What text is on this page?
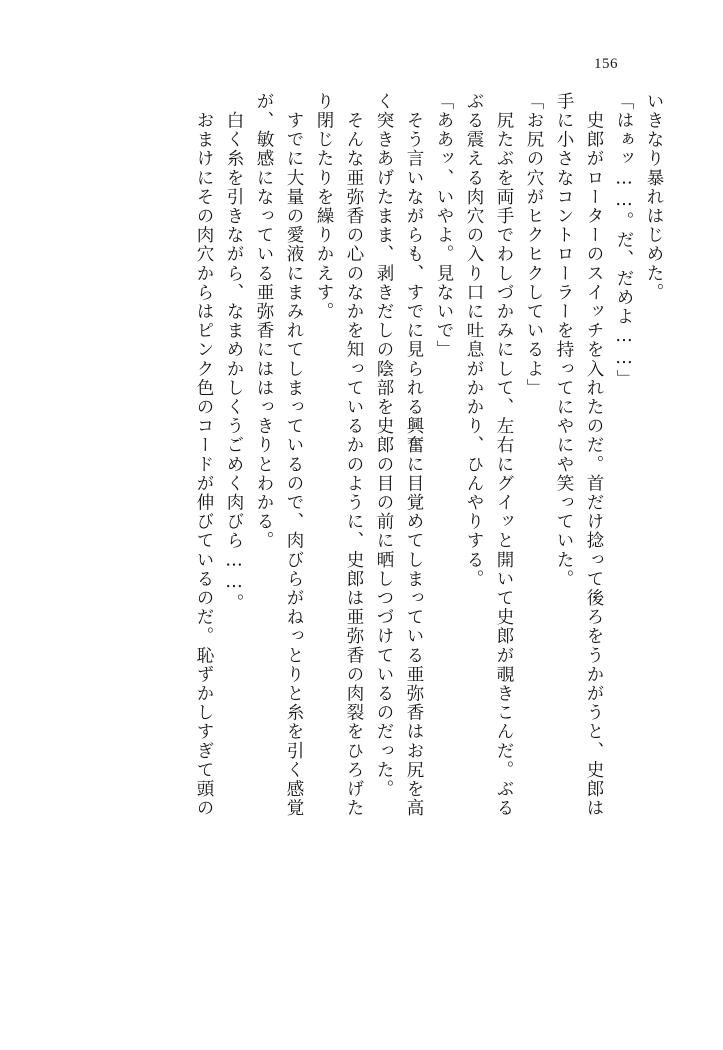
156
いきなり暴れはじめた。
「はぁッ……。だ、だめよ……」
　史郎がローターのスイッチを入れたのだ。首だけ捻って後ろをうかがうと、史郎は
手に小さなコントローラーを持ってにやにや笑っていた。
「お尻の穴がヒクヒクしているよ」
　尻たぶを両手でわしづかみにして、左右にグイッと開いて史郎が覗きこんだ。ぶる
ぶる震える肉穴の入り口に吐息がかかり、ひんやりする。
「ああッ、いやよ。見ないで」
　そう言いながらも、すでに見られる興奮に目覚めてしまっている亜弥香はお尻を高
く突きあげたまま、剥きだしの陰部を史郎の目の前に晒しつづけているのだった。
　そんな亜弥香の心のなかを知っているかのように、史郎は亜弥香の肉裂をひろげた
り閉じたりを繰りかえす。
　すでに大量の愛液にまみれてしまっているので、肉びらがねっとりと糸を引く感覚
が、敏感になっている亜弥香にははっきりとわかる。
　白く糸を引きながら、なまめかしくうごめく肉びら……。
　おまけにその肉穴からはピンク色のコードが伸びているのだ。恥ずかしすぎて頭の
